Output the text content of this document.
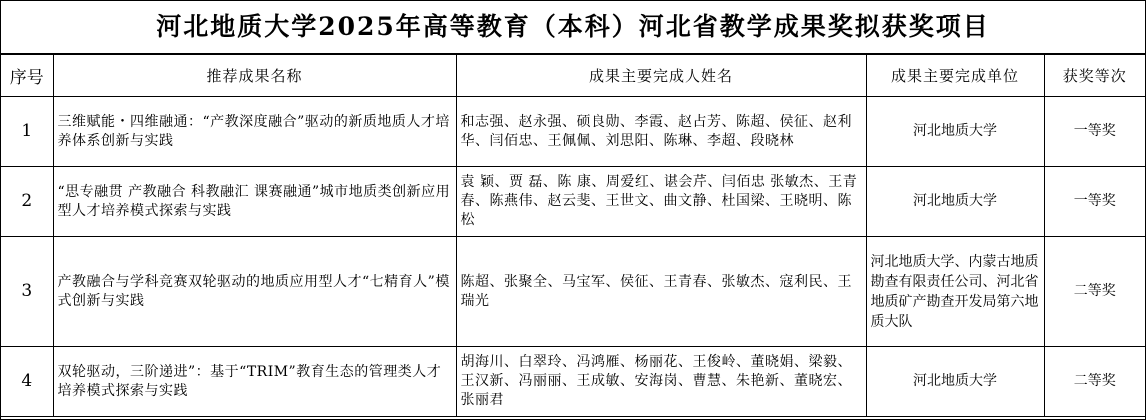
河北地质大学2025年高等教育（本科）河北省教学成果奖拟获奖项目
序号	推荐成果名称	成果主要完成人姓名	成果主要完成单位	获奖等次
1	三维赋能・四维融通：“产教深度融合”驱动的新质地质人才培养体系创新与实践	和志强、赵永强、硕良勋、李霞、赵占芳、陈超、侯征、赵利华、闫佰忠、王佩佩、刘思阳、陈琳、李超、段晓林	河北地质大学	一等奖
2	“思专融贯 产教融合 科教融汇 课赛融通”城市地质类创新应用型人才培养模式探索与实践	袁 颖、贾 磊、陈 康、周爱红、谌会芹、闫佰忠 张敏杰、王青春、陈燕伟、赵云斐、王世文、曲文静、杜国梁、王晓明、陈松	河北地质大学	一等奖
3	产教融合与学科竞赛双轮驱动的地质应用型人才“七精育人”模式创新与实践	陈超、张聚全、马宝军、侯征、王青春、张敏杰、寇利民、王瑞光	河北地质大学、内蒙古地质勘查有限责任公司、河北省地质矿产勘查开发局第六地质大队	二等奖
4	双轮驱动，三阶递进”：基于“TRIM”教育生态的管理类人才培养模式探索与实践	胡海川、白翠玲、冯鸿雁、杨丽花、王俊岭、董晓娟、梁毅、王汉新、冯丽丽、王成敏、安海岗、曹慧、朱艳新、董晓宏、张丽君	河北地质大学	二等奖
